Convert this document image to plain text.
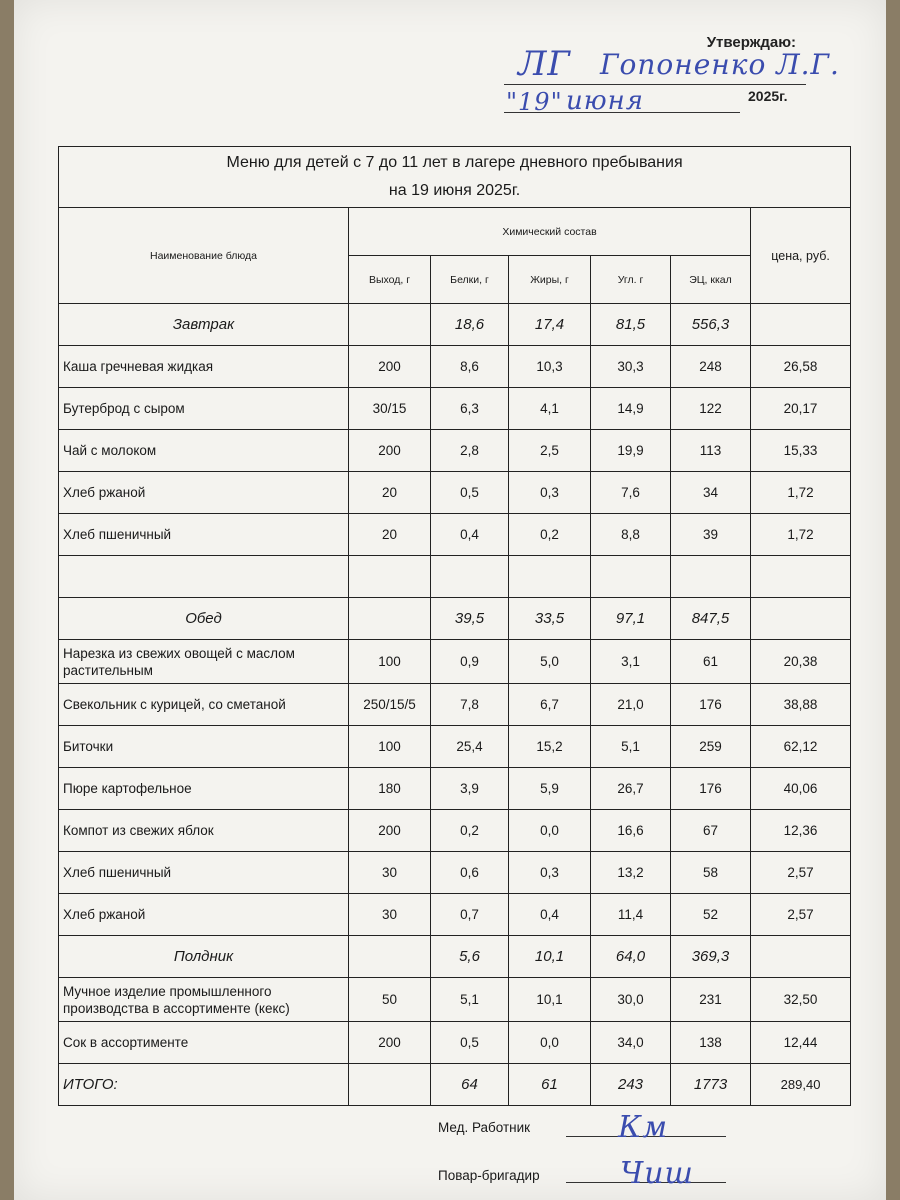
Утверждаю:
ЛГ Гопоненко Л.Г.
"19" июня	2025г.
Меню для детей с 7 до 11 лет в лагере дневного пребывания
на 19 июня 2025г.						

Наименование блюда	Химический состав					цена, руб.
	Выход, г	Белки, г	Жиры, г	Угл. г	ЭЦ, ккал	
Завтрак		18,6	17,4	81,5	556,3	
Каша гречневая жидкая	200	8,6	10,3	30,3	248	26,58
Бутерброд с сыром	30/15	6,3	4,1	14,9	122	20,17
Чай с молоком	200	2,8	2,5	19,9	113	15,33
Хлеб ржаной	20	0,5	0,3	7,6	34	1,72
Хлеб пшеничный	20	0,4	0,2	8,8	39	1,72

Обед		39,5	33,5	97,1	847,5	
Нарезка из свежих овощей с маслом растительным	100	0,9	5,0	3,1	61	20,38
Свекольник с курицей, со сметаной	250/15/5	7,8	6,7	21,0	176	38,88
Биточки	100	25,4	15,2	5,1	259	62,12
Пюре картофельное	180	3,9	5,9	26,7	176	40,06
Компот из свежих яблок	200	0,2	0,0	16,6	67	12,36
Хлеб пшеничный	30	0,6	0,3	13,2	58	2,57
Хлеб ржаной	30	0,7	0,4	11,4	52	2,57
Полдник		5,6	10,1	64,0	369,3	
Мучное изделие промышленного производства в ассортименте (кекс)	50	5,1	10,1	30,0	231	32,50
Сок в ассортименте	200	0,5	0,0	34,0	138	12,44
ИТОГО:		64	61	243	1773	289,40
Мед. Работник	Км
Повар-бригадир	Чиш
